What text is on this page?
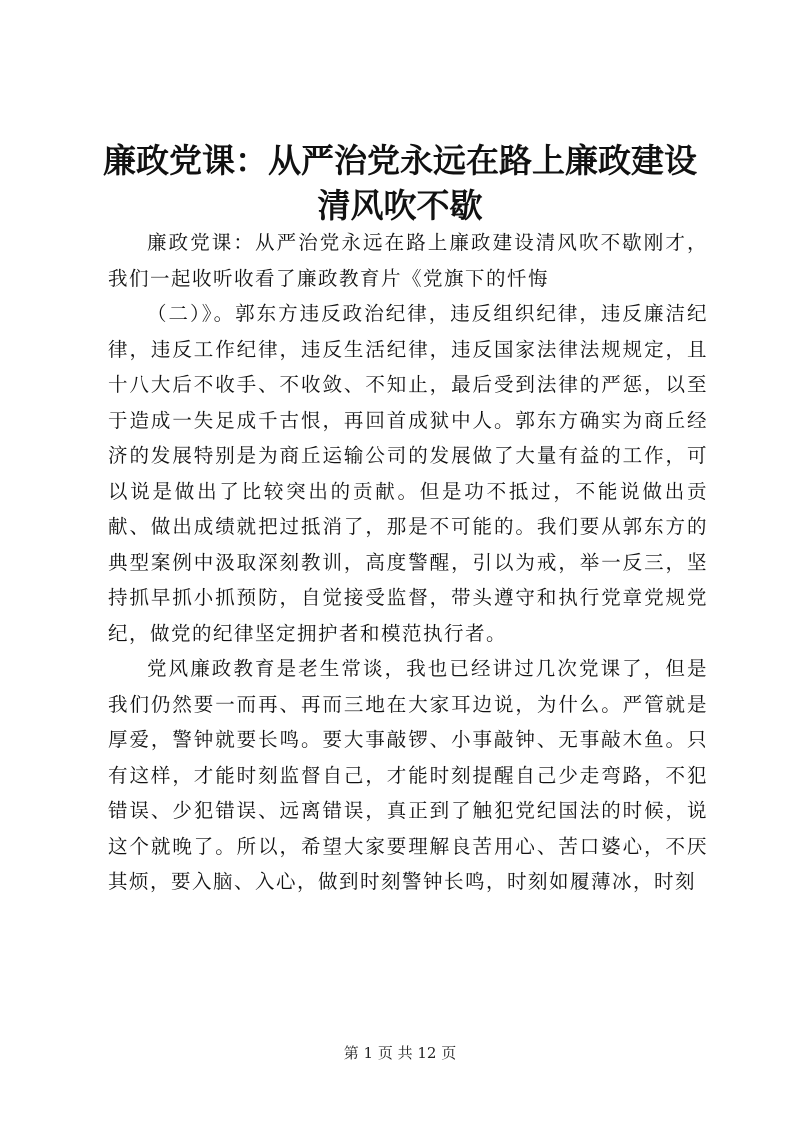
廉政党课：从严治党永远在路上廉政建设清风吹不歇

廉政党课：从严治党永远在路上廉政建设清风吹不歇刚才，我们一起收听收看了廉政教育片《党旗下的忏悔

（二）》。郭东方违反政治纪律，违反组织纪律，违反廉洁纪律，违反工作纪律，违反生活纪律，违反国家法律法规规定，且十八大后不收手、不收敛、不知止，最后受到法律的严惩，以至于造成一失足成千古恨，再回首成狱中人。郭东方确实为商丘经济的发展特别是为商丘运输公司的发展做了大量有益的工作，可以说是做出了比较突出的贡献。但是功不抵过，不能说做出贡献、做出成绩就把过抵消了，那是不可能的。我们要从郭东方的典型案例中汲取深刻教训，高度警醒，引以为戒，举一反三，坚持抓早抓小抓预防，自觉接受监督，带头遵守和执行党章党规党纪，做党的纪律坚定拥护者和模范执行者。

党风廉政教育是老生常谈，我也已经讲过几次党课了，但是我们仍然要一而再、再而三地在大家耳边说，为什么。严管就是厚爱，警钟就要长鸣。要大事敲锣、小事敲钟、无事敲木鱼。只有这样，才能时刻监督自己，才能时刻提醒自己少走弯路，不犯错误、少犯错误、远离错误，真正到了触犯党纪国法的时候，说这个就晚了。所以，希望大家要理解良苦用心、苦口婆心，不厌其烦，要入脑、入心，做到时刻警钟长鸣，时刻如履薄冰，时刻

第 1 页 共 12 页
